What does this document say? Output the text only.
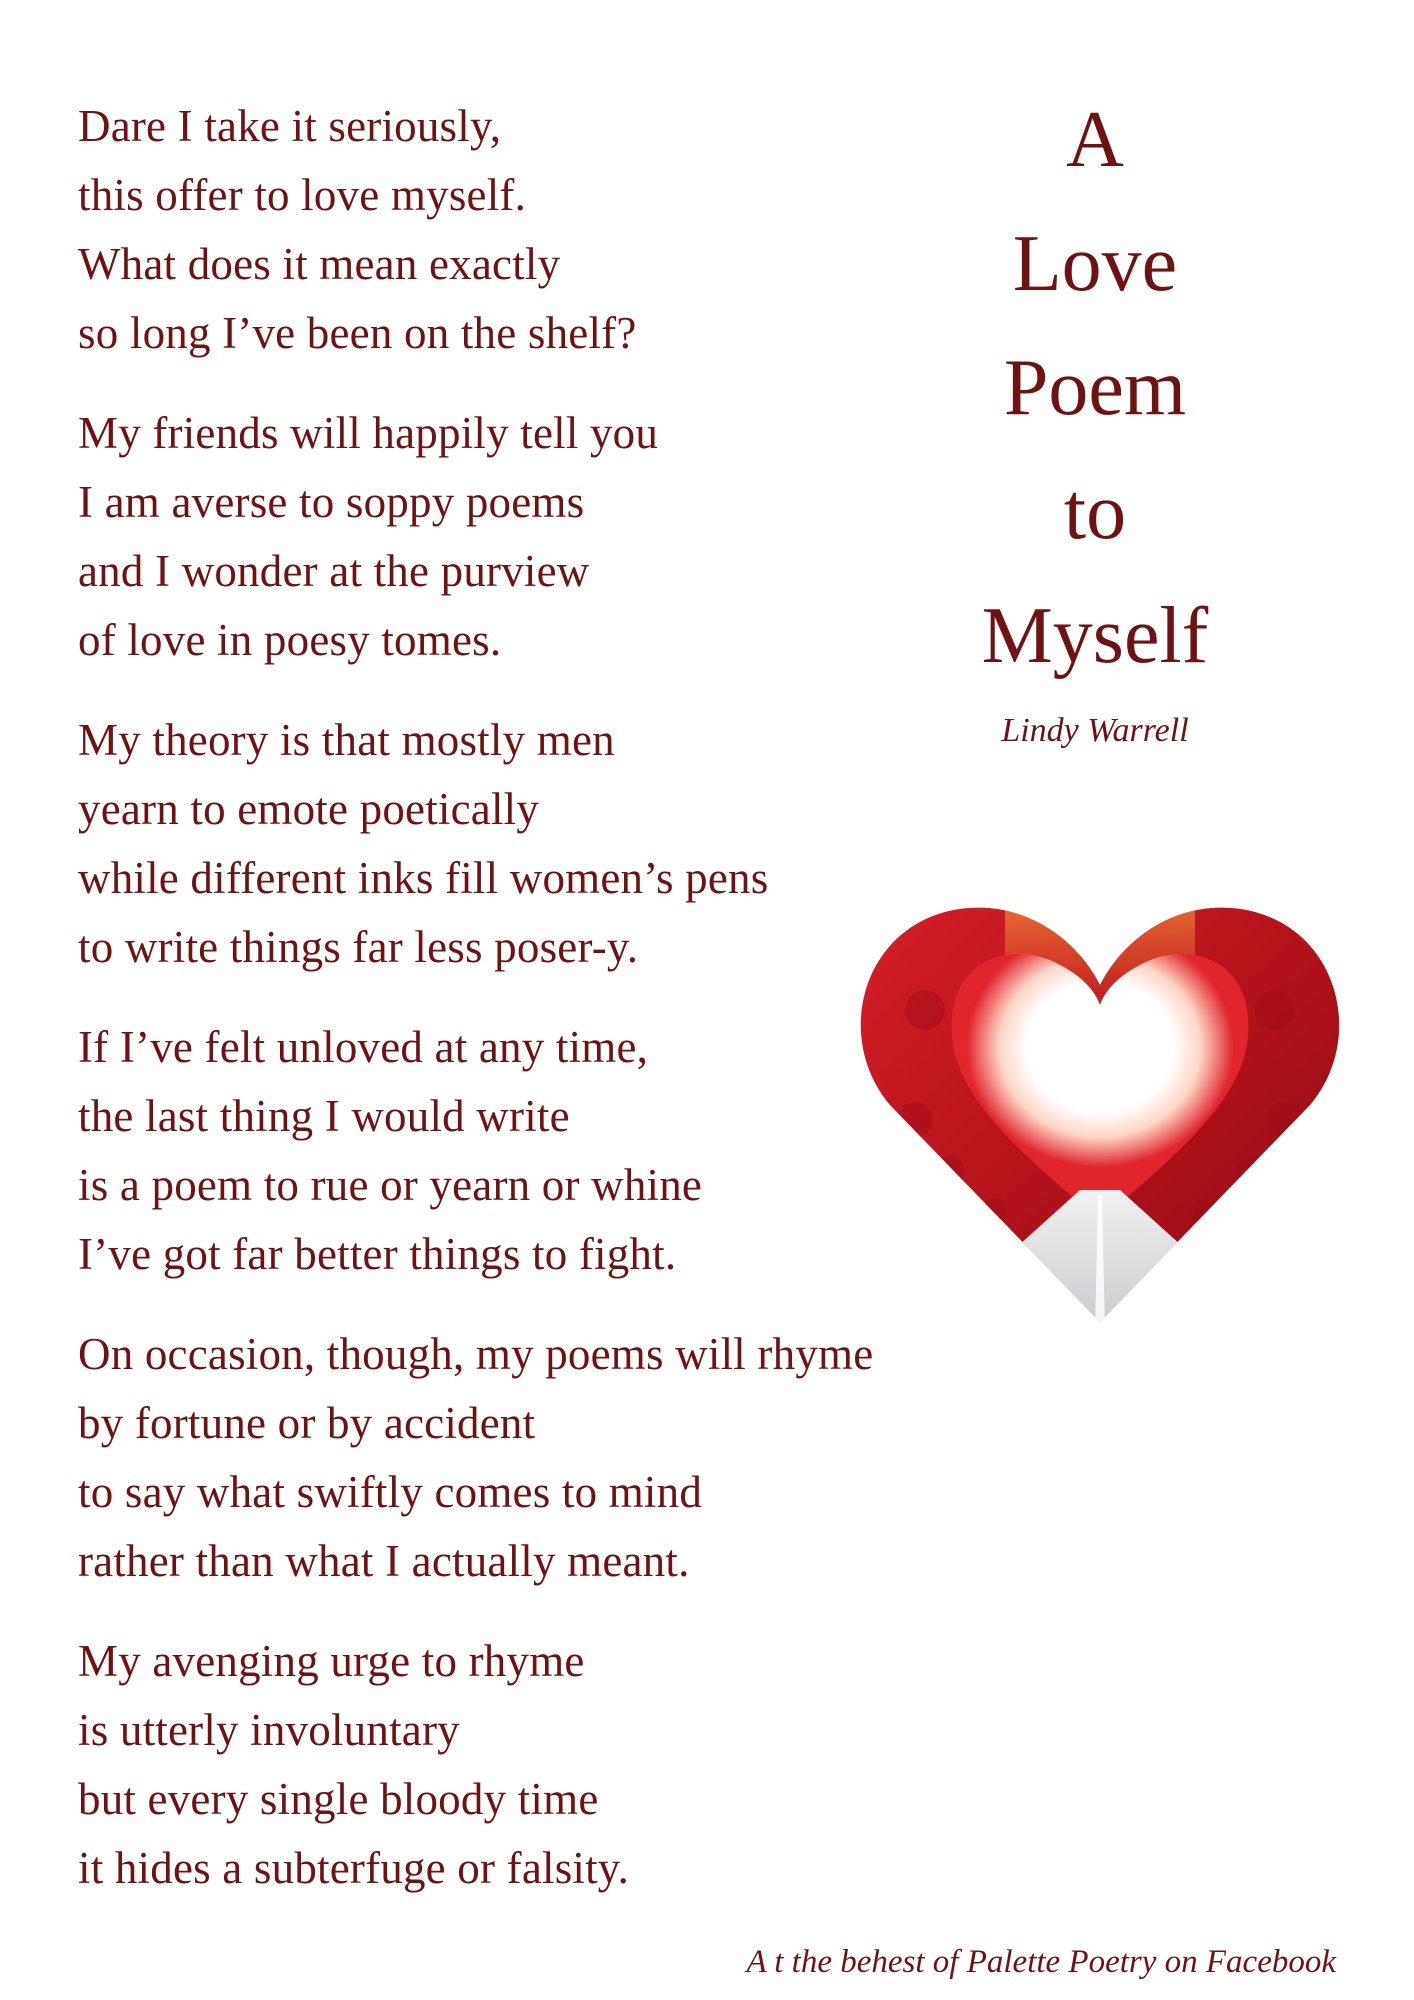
Dare I take it seriously,
this offer to love myself.
What does it mean exactly
so long I’ve been on the shelf?
My friends will happily tell you
I am averse to soppy poems
and I wonder at the purview
of love in poesy tomes.
My theory is that mostly men
yearn to emote poetically
while different inks fill women’s pens
to write things far less poser-y.
If I’ve felt unloved at any time,
the last thing I would write
is a poem to rue or yearn or whine
I’ve got far better things to fight.
On occasion, though, my poems will rhyme
by fortune or by accident
to say what swiftly comes to mind
rather than what I actually meant.
My avenging urge to rhyme
is utterly involuntary
but every single bloody time
it hides a subterfuge or falsity.
A
Love
Poem
to
Myself
Lindy Warrell
A t the behest of Palette Poetry on Facebook
